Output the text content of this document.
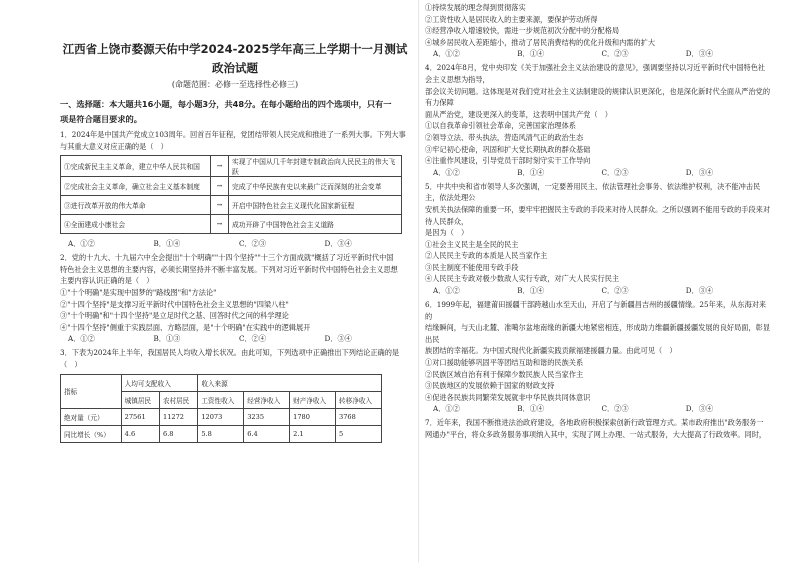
江西省上饶市婺源天佑中学2024-2025学年高三上学期十一月测试
政治试题
(命题范围：必修一至选择性必修三)
一、选择题：本大题共16小题，每小题3分，共48分。在每小题给出的四个选项中，只有一
项是符合题目要求的。

1．2024年是中国共产党成立103周年。回首百年征程，党团结带领人民完成和推进了一系列大事。下列大事

与其重大意义对应正确的是（　）

①完成新民主主义革命，建立中华人民共和国	→	实现了中国从几千年封建专制政治向人民民主的伟大飞跃
②完成社会主义革命，确立社会主义基本制度	→	完成了中华民族有史以来最广泛而深刻的社会变革
③进行改革开放的伟大革命	→	开启中国特色社会主义现代化国家新征程
④全面建成小康社会	→	成功开辟了中国特色社会主义道路
A．①②	B．①④	C．②③	D．③④

2．党的十九大、十九届六中全会提出"十个明确""十四个坚持""十三个方面成就"概括了习近平新时代中国

特色社会主义思想的主要内容，必须长期坚持并不断丰富发展。下列对习近平新时代中国特色社会主义思想

主要内容认识正确的是（　）

①"十个明确"是实现中国梦的"路线图"和"方法论"

②"十四个坚持"是支撑习近平新时代中国特色社会主义思想的"四梁八柱"

③"十个明确"和"十四个坚持"是立足时代之基、回答时代之问的科学理论

④"十四个坚持"侧重于实践层面、方略层面，是"十个明确"在实践中的逻辑展开

A．①②	B．①③	C．②④	D．③④

3．下表为2024年上半年，我国居民人均收入增长状况。由此可知，下列选项中正确推出下列结论正确的是（　）

指标	人均可支配收入		收入来源			
	城镇居民	农村居民	工资性收入	经营净收入	财产净收入	转移净收入
绝对量（元）	27561	11272	12073	3235	1780	3768
同比增长（%）	4.6	6.8	5.8	6.4	2.1	5

①持续发展的理念得到贯彻落实

②工资性收入是居民收入的主要来源，要保护劳动所得

③经营净收入增速较快，需进一步规范初次分配中的分配格局

④城乡居民收入差距缩小，推动了居民消费结构的优化升级和内需的扩大

A．①②	B．①④	C．②③	D．③④

4．2024年8月，党中央印发《关于加强社会主义法治建设的意见》，强调要坚持以习近平新时代中国特色社会主义思想为指导，

部会议关切问题。这体现是对我们党对社会主义法制建设的规律认识更深化，也是深化新时代全面从严治党的有力保障

面从严治党，建设更深入的变革，这表明中国共产党（　）

①以自我革命引领社会革命，完善国家治理体系

②领导立法、带头执法，营造风清气正的政治生态

③牢记初心使命，巩固和扩大党长期执政的群众基础

④注重作风建设，引导党员干部时刻守实干工作导向

A．①②	B．①④	C．②③	D．③④

5．中共中央和省市领导人多次强调，一定要善用民主、依法管理社会事务、依法维护权利，决不能冲击民主，依法处理公

安机关执法保障的重要一环，要牢牢把握民主专政的手段来对待人民群众。之所以强调不能用专政的手段来对待人民群众，

是因为（　）

①社会主义民主是全民的民主

②人民民主专政的本质是人民当家作主

③民主制度不能使用专政手段

④人民民主专政对极少数敌人实行专政，对广大人民实行民主

A．①②	B．①④	C．②③	D．③④

6．1999年起，福建莆田援疆干部跨越山水至天山，开启了与新疆昌吉州的援疆情缘。25年来，从东海对来的

结缘瞬间，与天山北麓、准噶尔盆地南缘的新疆大地紧密相连，形成助力维疆新疆援疆发展的良好局面，彰显出民

族团结的幸福花。为中国式现代化新疆实践贡献福建援疆力量。由此可见（　）

①对口援助能够巩固平等团结互助和谐的民族关系

②民族区域自治有利于保障少数民族人民当家作主

③民族地区的发展依赖于国家的财政支持

④促进各民族共同繁荣发展就非中华民族共同体意识

A．①②	B．①④	C．②③	D．③④

7．近年来，我国不断推进法治政府建设，各地政府积极探索创新行政管理方式。某市政府推出"政务服务一

网通办"平台，将众多政务服务事项纳入其中，实现了网上办理、一站式服务，大大提高了行政效率。同时，
